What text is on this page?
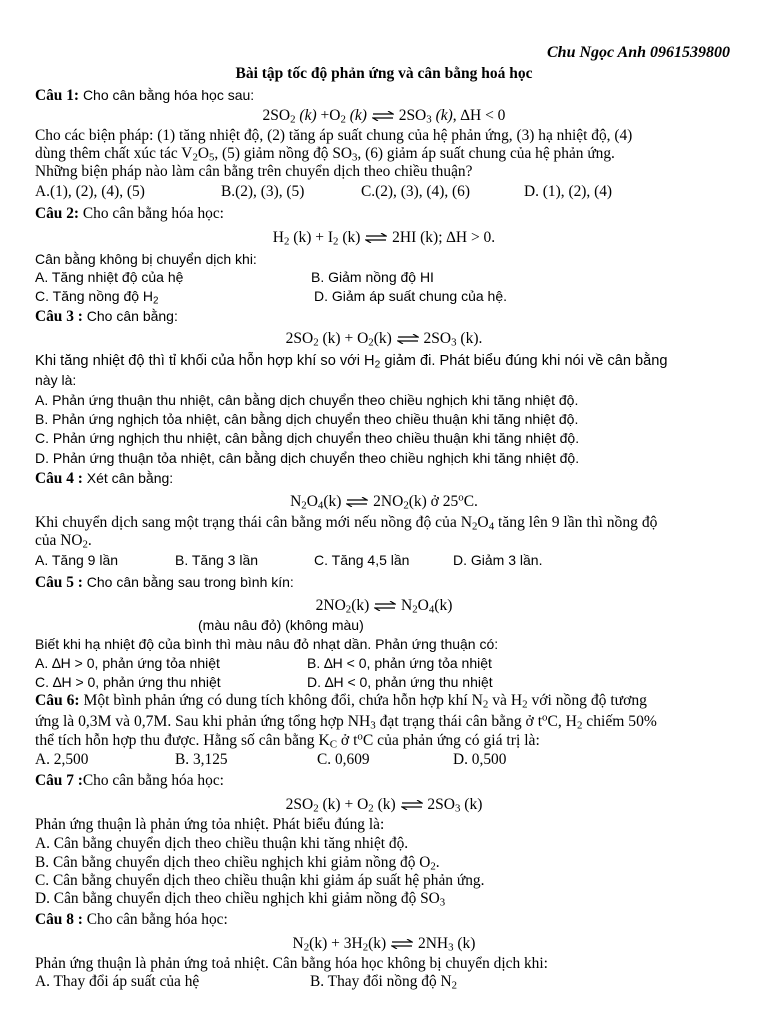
Chu Ngọc Anh 0961539800
Bài tập tốc độ phản ứng và cân bằng hoá học
Câu 1: Cho cân bằng hóa học sau:
$2SO_2$ $(k) +O_2$ (k) ⇌ $2SO_3$ (k), ∆H < 0
Cho các biện pháp: (1) tăng nhiệt độ, (2) tăng áp suất chung của hệ phản ứng, (3) hạ nhiệt độ, (4)
dùng thêm chất xúc tác $V_2O_5$, (5) giảm nồng độ $SO_3$, (6) giảm áp suất chung của hệ phản ứng.
Những biện pháp nào làm cân bằng trên chuyển dịch theo chiều thuận?
A.(1), (2), (4), (5)	B.(2), (3), (5)	C.(2), (3), (4), (6)	D. (1), (2), (4)
Câu 2: Cho cân bằng hóa học:
$H_2$ $(k) + I_2$ (k) ⇌ 2HI (k); ∆H > 0.
Cân bằng không bị chuyển dịch khi:
A. Tăng nhiệt độ của hệ	B. Giảm nồng độ HI
C. Tăng nồng độ $H_2$	D. Giảm áp suất chung của hệ.
Câu 3 : Cho cân bằng:
$2SO_2$ $(k) + O_2(k)$ ⇌ $2SO_3$ (k).
Khi tăng nhiệt độ thì tỉ khối của hỗn hợp khí so với $H_2$ giảm đi. Phát biểu đúng khi nói về cân bằng
này là:
A. Phản ứng thuận thu nhiệt, cân bằng dịch chuyển theo chiều nghịch khi tăng nhiệt độ.
B. Phản ứng nghịch tỏa nhiệt, cân bằng dịch chuyển theo chiều thuận khi tăng nhiệt độ.
C. Phản ứng nghịch thu nhiệt, cân bằng dịch chuyển theo chiều thuận khi tăng nhiệt độ.
D. Phản ứng thuận tỏa nhiệt, cân bằng dịch chuyển theo chiều nghịch khi tăng nhiệt độ.
Câu 4 : Xét cân bằng:
$N_2O_4(k)$ ⇌ $2NO_2(k)$ ở 25$^o$C.
Khi chuyển dịch sang một trạng thái cân bằng mới nếu nồng độ của $N_2O_4$ tăng lên 9 lần thì nồng độ
của $NO_2$.
A. Tăng 9 lần	B. Tăng 3 lần	C. Tăng 4,5 lần	D. Giảm 3 lần.
Câu 5 : Cho cân bằng sau trong bình kín:
$2NO_2(k)$ ⇌ $N_2O_4(k)$
(màu nâu đỏ) (không màu)
Biết khi hạ nhiệt độ của bình thì màu nâu đỏ nhạt dần. Phản ứng thuận có:
A. ∆H > 0, phản ứng tỏa nhiệt	B. ∆H < 0, phản ứng tỏa nhiệt
C. ∆H > 0, phản ứng thu nhiệt	D. ∆H < 0, phản ứng thu nhiệt
Câu 6: Một bình phản ứng có dung tích không đổi, chứa hỗn hợp khí $N_2$ và $H_2$ với nồng độ tương
ứng là 0,3M và 0,7M. Sau khi phản ứng tổng hợp $NH_3$ đạt trạng thái cân bằng ở $t^oC$, $H_2$ chiếm 50%
thể tích hỗn hợp thu được. Hằng số cân bằng $K_C$ ở $t^oC$ của phản ứng có giá trị là:
A. 2,500	B. 3,125	C. 0,609	D. 0,500
Câu 7 :Cho cân bằng hóa học:
$2SO_2$ $(k) + O_2$ (k) ⇌ $2SO_3$ (k)
Phản ứng thuận là phản ứng tỏa nhiệt. Phát biểu đúng là:
A. Cân bằng chuyển dịch theo chiều thuận khi tăng nhiệt độ.
B. Cân bằng chuyển dịch theo chiều nghịch khi giảm nồng độ $O_2$.
C. Cân bằng chuyển dịch theo chiều thuận khi giảm áp suất hệ phản ứng.
D. Cân bằng chuyển dịch theo chiều nghịch khi giảm nồng độ $SO_3$
Câu 8 : Cho cân bằng hóa học:
$N_2(k) + 3H_2(k)$ ⇌ $2NH_3$ (k)
Phản ứng thuận là phản ứng toả nhiệt. Cân bằng hóa học không bị chuyển dịch khi:
A. Thay đổi áp suất của hệ	B. Thay đổi nồng độ $N_2$
